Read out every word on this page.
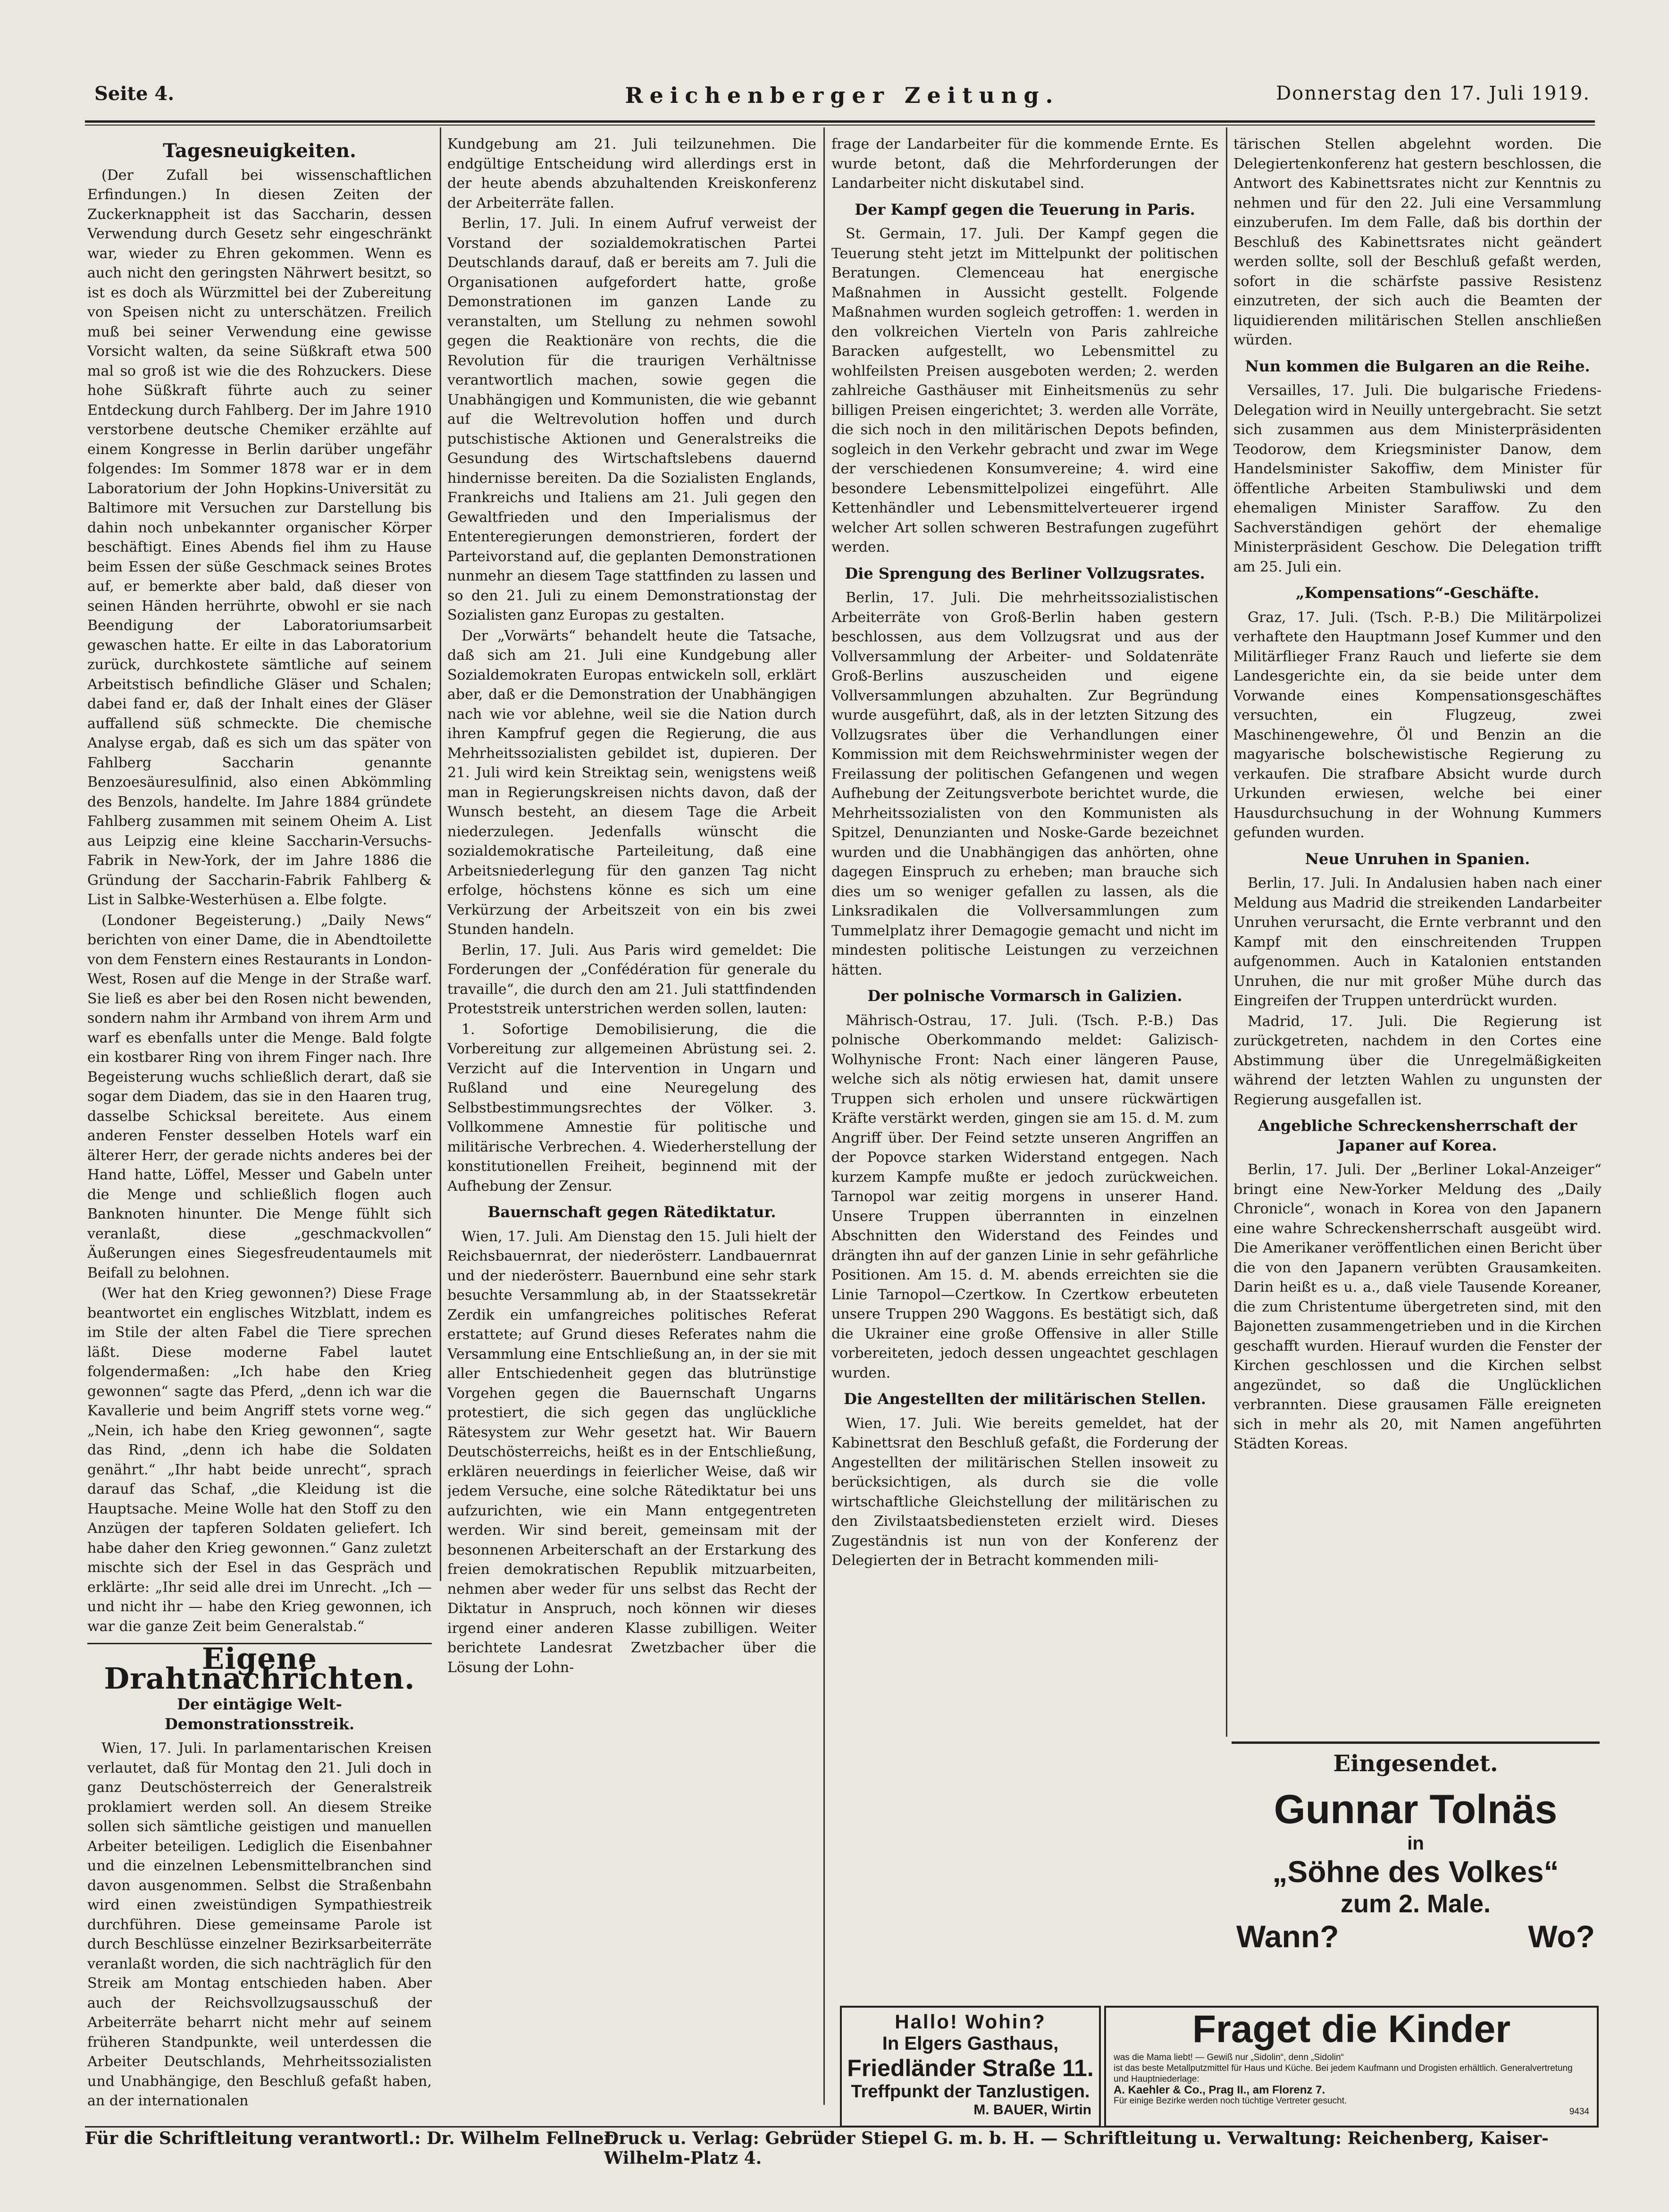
Seite 4.	Reichenberger Zeitung.	Donnerstag den 17. Juli 1919.
Tagesneuigkeiten.

(Der Zufall bei wissenschaftlichen Erfindungen.) In diesen Zeiten der Zuckerknappheit ist das Saccharin, dessen Verwendung durch Gesetz sehr eingeschränkt war, wieder zu Ehren gekommen. Wenn es auch nicht den geringsten Nährwert besitzt, so ist es doch als Würzmittel bei der Zubereitung von Speisen nicht zu unterschätzen. Freilich muß bei seiner Verwendung eine gewisse Vorsicht walten, da seine Süßkraft etwa 500 mal so groß ist wie die des Rohzuckers. Diese hohe Süßkraft führte auch zu seiner Entdeckung durch Fahlberg. Der im Jahre 1910 verstorbene deutsche Chemiker erzählte auf einem Kongresse in Berlin darüber ungefähr folgendes: Im Sommer 1878 war er in dem Laboratorium der John Hopkins-Universität zu Baltimore mit Versuchen zur Darstellung bis dahin noch unbekannter organischer Körper beschäftigt. Eines Abends fiel ihm zu Hause beim Essen der süße Geschmack seines Brotes auf, er bemerkte aber bald, daß dieser von seinen Händen herrührte, obwohl er sie nach Beendigung der Laboratoriumsarbeit gewaschen hatte. Er eilte in das Laboratorium zurück, durchkostete sämtliche auf seinem Arbeitstisch befindliche Gläser und Schalen; dabei fand er, daß der Inhalt eines der Gläser auffallend süß schmeckte. Die chemische Analyse ergab, daß es sich um das später von Fahlberg Saccharin genannte Benzoesäuresulfinid, also einen Abkömmling des Benzols, handelte. Im Jahre 1884 gründete Fahlberg zusammen mit seinem Oheim A. List aus Leipzig eine kleine Saccharin-Versuchs-Fabrik in New-York, der im Jahre 1886 die Gründung der Saccharin-Fabrik Fahlberg & List in Salbke-Westerhüsen a. Elbe folgte.

(Londoner Begeisterung.) „Daily News“ berichten von einer Dame, die in Abendtoilette von dem Fenstern eines Restaurants in London-West, Rosen auf die Menge in der Straße warf. Sie ließ es aber bei den Rosen nicht bewenden, sondern nahm ihr Armband von ihrem Arm und warf es ebenfalls unter die Menge. Bald folgte ein kostbarer Ring von ihrem Finger nach. Ihre Begeisterung wuchs schließlich derart, daß sie sogar dem Diadem, das sie in den Haaren trug, dasselbe Schicksal bereitete. Aus einem anderen Fenster desselben Hotels warf ein älterer Herr, der gerade nichts anderes bei der Hand hatte, Löffel, Messer und Gabeln unter die Menge und schließlich flogen auch Banknoten hinunter. Die Menge fühlt sich veranlaßt, diese „geschmackvollen“ Äußerungen eines Siegesfreudentaumels mit Beifall zu belohnen.

(Wer hat den Krieg gewonnen?) Diese Frage beantwortet ein englisches Witzblatt, indem es im Stile der alten Fabel die Tiere sprechen läßt. Diese moderne Fabel lautet folgendermaßen: „Ich habe den Krieg gewonnen“ sagte das Pferd, „denn ich war die Kavallerie und beim Angriff stets vorne weg.“ „Nein, ich habe den Krieg gewonnen“, sagte das Rind, „denn ich habe die Soldaten genährt.“ „Ihr habt beide unrecht“, sprach darauf das Schaf, „die Kleidung ist die Hauptsache. Meine Wolle hat den Stoff zu den Anzügen der tapferen Soldaten geliefert. Ich habe daher den Krieg gewonnen.“ Ganz zuletzt mischte sich der Esel in das Gespräch und erklärte: „Ihr seid alle drei im Unrecht. „Ich — und nicht ihr — habe den Krieg gewonnen, ich war die ganze Zeit beim Generalstab.“

Eigene Drahtnachrichten.
Der eintägige Welt-Demonstrationsstreik.

Wien, 17. Juli. In parlamentarischen Kreisen verlautet, daß für Montag den 21. Juli doch in ganz Deutschösterreich der Generalstreik proklamiert werden soll. An diesem Streike sollen sich sämtliche geistigen und manuellen Arbeiter beteiligen. Lediglich die Eisenbahner und die einzelnen Lebensmittelbranchen sind davon ausgenommen. Selbst die Straßenbahn wird einen zweistündigen Sympathiestreik durchführen. Diese gemeinsame Parole ist durch Beschlüsse einzelner Bezirksarbeiterräte veranlaßt worden, die sich nachträglich für den Streik am Montag entschieden haben. Aber auch der Reichsvollzugsausschuß der Arbeiterräte beharrt nicht mehr auf seinem früheren Standpunkte, weil unterdessen die Arbeiter Deutschlands, Mehrheitssozialisten und Unabhängige, den Beschluß gefaßt haben, an der internationalen

Kundgebung am 21. Juli teilzunehmen. Die endgültige Entscheidung wird allerdings erst in der heute abends abzuhaltenden Kreiskonferenz der Arbeiterräte fallen.

Berlin, 17. Juli. In einem Aufruf verweist der Vorstand der sozialdemokratischen Partei Deutschlands darauf, daß er bereits am 7. Juli die Organisationen aufgefordert hatte, große Demonstrationen im ganzen Lande zu veranstalten, um Stellung zu nehmen sowohl gegen die Reaktionäre von rechts, die die Revolution für die traurigen Verhältnisse verantwortlich machen, sowie gegen die Unabhängigen und Kommunisten, die wie gebannt auf die Weltrevolution hoffen und durch putschistische Aktionen und Generalstreiks die Gesundung des Wirtschaftslebens dauernd hindernisse bereiten. Da die Sozialisten Englands, Frankreichs und Italiens am 21. Juli gegen den Gewaltfrieden und den Imperialismus der Ententeregierungen demonstrieren, fordert der Parteivorstand auf, die geplanten Demonstrationen nunmehr an diesem Tage stattfinden zu lassen und so den 21. Juli zu einem Demonstrationstag der Sozialisten ganz Europas zu gestalten.

Der „Vorwärts“ behandelt heute die Tatsache, daß sich am 21. Juli eine Kundgebung aller Sozialdemokraten Europas entwickeln soll, erklärt aber, daß er die Demonstration der Unabhängigen nach wie vor ablehne, weil sie die Nation durch ihren Kampfruf gegen die Regierung, die aus Mehrheitssozialisten gebildet ist, dupieren. Der 21. Juli wird kein Streiktag sein, wenigstens weiß man in Regierungskreisen nichts davon, daß der Wunsch besteht, an diesem Tage die Arbeit niederzulegen. Jedenfalls wünscht die sozialdemokratische Parteileitung, daß eine Arbeitsniederlegung für den ganzen Tag nicht erfolge, höchstens könne es sich um eine Verkürzung der Arbeitszeit von ein bis zwei Stunden handeln.

Berlin, 17. Juli. Aus Paris wird gemeldet: Die Forderungen der „Confédération für generale du travaille“, die durch den am 21. Juli stattfindenden Proteststreik unterstrichen werden sollen, lauten:

1. Sofortige Demobilisierung, die die Vorbereitung zur allgemeinen Abrüstung sei. 2. Verzicht auf die Intervention in Ungarn und Rußland und eine Neuregelung des Selbstbestimmungsrechtes der Völker. 3. Vollkommene Amnestie für politische und militärische Verbrechen. 4. Wiederherstellung der konstitutionellen Freiheit, beginnend mit der Aufhebung der Zensur.

Bauernschaft gegen Rätediktatur.

Wien, 17. Juli. Am Dienstag den 15. Juli hielt der Reichsbauernrat, der niederösterr. Landbauernrat und der niederösterr. Bauernbund eine sehr stark besuchte Versammlung ab, in der Staatssekretär Zerdik ein umfangreiches politisches Referat erstattete; auf Grund dieses Referates nahm die Versammlung eine Entschließung an, in der sie mit aller Entschiedenheit gegen das blutrünstige Vorgehen gegen die Bauernschaft Ungarns protestiert, die sich gegen das unglückliche Rätesystem zur Wehr gesetzt hat. Wir Bauern Deutschösterreichs, heißt es in der Entschließung, erklären neuerdings in feierlicher Weise, daß wir jedem Versuche, eine solche Rätediktatur bei uns aufzurichten, wie ein Mann entgegentreten werden. Wir sind bereit, gemeinsam mit der besonnenen Arbeiterschaft an der Erstarkung des freien demokratischen Republik mitzuarbeiten, nehmen aber weder für uns selbst das Recht der Diktatur in Anspruch, noch können wir dieses irgend einer anderen Klasse zubilligen. Weiter berichtete Landesrat Zwetzbacher über die Lösung der Lohn-

frage der Landarbeiter für die kommende Ernte. Es wurde betont, daß die Mehrforderungen der Landarbeiter nicht diskutabel sind.

Der Kampf gegen die Teuerung in Paris.

St. Germain, 17. Juli. Der Kampf gegen die Teuerung steht jetzt im Mittelpunkt der politischen Beratungen. Clemenceau hat energische Maßnahmen in Aussicht gestellt. Folgende Maßnahmen wurden sogleich getroffen: 1. werden in den volkreichen Vierteln von Paris zahlreiche Baracken aufgestellt, wo Lebensmittel zu wohlfeilsten Preisen ausgeboten werden; 2. werden zahlreiche Gasthäuser mit Einheitsmenüs zu sehr billigen Preisen eingerichtet; 3. werden alle Vorräte, die sich noch in den militärischen Depots befinden, sogleich in den Verkehr gebracht und zwar im Wege der verschiedenen Konsumvereine; 4. wird eine besondere Lebensmittelpolizei eingeführt. Alle Kettenhändler und Lebensmittelverteuerer irgend welcher Art sollen schweren Bestrafungen zugeführt werden.

Die Sprengung des Berliner Vollzugsrates.

Berlin, 17. Juli. Die mehrheitssozialistischen Arbeiterräte von Groß-Berlin haben gestern beschlossen, aus dem Vollzugsrat und aus der Vollversammlung der Arbeiter- und Soldatenräte Groß-Berlins auszuscheiden und eigene Vollversammlungen abzuhalten. Zur Begründung wurde ausgeführt, daß, als in der letzten Sitzung des Vollzugsrates über die Verhandlungen einer Kommission mit dem Reichswehrminister wegen der Freilassung der politischen Gefangenen und wegen Aufhebung der Zeitungsverbote berichtet wurde, die Mehrheitssozialisten von den Kommunisten als Spitzel, Denunzianten und Noske-Garde bezeichnet wurden und die Unabhängigen das anhörten, ohne dagegen Einspruch zu erheben; man brauche sich dies um so weniger gefallen zu lassen, als die Linksradikalen die Vollversammlungen zum Tummelplatz ihrer Demagogie gemacht und nicht im mindesten politische Leistungen zu verzeichnen hätten.

Der polnische Vormarsch in Galizien.

Mährisch-Ostrau, 17. Juli. (Tsch. P.-B.) Das polnische Oberkommando meldet: Galizisch-Wolhynische Front: Nach einer längeren Pause, welche sich als nötig erwiesen hat, damit unsere Truppen sich erholen und unsere rückwärtigen Kräfte verstärkt werden, gingen sie am 15. d. M. zum Angriff über. Der Feind setzte unseren Angriffen an der Popovce starken Widerstand entgegen. Nach kurzem Kampfe mußte er jedoch zurückweichen. Tarnopol war zeitig morgens in unserer Hand. Unsere Truppen überrannten in einzelnen Abschnitten den Widerstand des Feindes und drängten ihn auf der ganzen Linie in sehr gefährliche Positionen. Am 15. d. M. abends erreichten sie die Linie Tarnopol—Czertkow. In Czertkow erbeuteten unsere Truppen 290 Waggons. Es bestätigt sich, daß die Ukrainer eine große Offensive in aller Stille vorbereiteten, jedoch dessen ungeachtet geschlagen wurden.

Die Angestellten der militärischen Stellen.

Wien, 17. Juli. Wie bereits gemeldet, hat der Kabinettsrat den Beschluß gefaßt, die Forderung der Angestellten der militärischen Stellen insoweit zu berücksichtigen, als durch sie die volle wirtschaftliche Gleichstellung der militärischen zu den Zivilstaatsbediensteten erzielt wird. Dieses Zugeständnis ist nun von der Konferenz der Delegierten der in Betracht kommenden mili-

tärischen Stellen abgelehnt worden. Die Delegiertenkonferenz hat gestern beschlossen, die Antwort des Kabinettsrates nicht zur Kenntnis zu nehmen und für den 22. Juli eine Versammlung einzuberufen. Im dem Falle, daß bis dorthin der Beschluß des Kabinettsrates nicht geändert werden sollte, soll der Beschluß gefaßt werden, sofort in die schärfste passive Resistenz einzutreten, der sich auch die Beamten der liquidierenden militärischen Stellen anschließen würden.

Nun kommen die Bulgaren an die Reihe.

Versailles, 17. Juli. Die bulgarische Friedens-Delegation wird in Neuilly untergebracht. Sie setzt sich zusammen aus dem Ministerpräsidenten Teodorow, dem Kriegsminister Danow, dem Handelsminister Sakoffiw, dem Minister für öffentliche Arbeiten Stambuliwski und dem ehemaligen Minister Saraffow. Zu den Sachverständigen gehört der ehemalige Ministerpräsident Geschow. Die Delegation trifft am 25. Juli ein.

„Kompensations“-Geschäfte.

Graz, 17. Juli. (Tsch. P.-B.) Die Militärpolizei verhaftete den Hauptmann Josef Kummer und den Militärflieger Franz Rauch und lieferte sie dem Landesgerichte ein, da sie beide unter dem Vorwande eines Kompensationsgeschäftes versuchten, ein Flugzeug, zwei Maschinengewehre, Öl und Benzin an die magyarische bolschewistische Regierung zu verkaufen. Die strafbare Absicht wurde durch Urkunden erwiesen, welche bei einer Hausdurchsuchung in der Wohnung Kummers gefunden wurden.

Neue Unruhen in Spanien.

Berlin, 17. Juli. In Andalusien haben nach einer Meldung aus Madrid die streikenden Landarbeiter Unruhen verursacht, die Ernte verbrannt und den Kampf mit den einschreitenden Truppen aufgenommen. Auch in Katalonien entstanden Unruhen, die nur mit großer Mühe durch das Eingreifen der Truppen unterdrückt wurden.

Madrid, 17. Juli. Die Regierung ist zurückgetreten, nachdem in den Cortes eine Abstimmung über die Unregelmäßigkeiten während der letzten Wahlen zu ungunsten der Regierung ausgefallen ist.

Angebliche Schreckensherrschaft der Japaner auf Korea.

Berlin, 17. Juli. Der „Berliner Lokal-Anzeiger“ bringt eine New-Yorker Meldung des „Daily Chronicle“, wonach in Korea von den Japanern eine wahre Schreckensherrschaft ausgeübt wird. Die Amerikaner veröffentlichen einen Bericht über die von den Japanern verübten Grausamkeiten. Darin heißt es u. a., daß viele Tausende Koreaner, die zum Christentume übergetreten sind, mit den Bajonetten zusammengetrieben und in die Kirchen geschafft wurden. Hierauf wurden die Fenster der Kirchen geschlossen und die Kirchen selbst angezündet, so daß die Unglücklichen verbrannten. Diese grausamen Fälle ereigneten sich in mehr als 20, mit Namen angeführten Städten Koreas.

Eingesendet.
Gunnar Tolnäs
in
„Söhne des Volkes“
zum 2. Male.
Wann?	Wo?
Hallo! Wohin?
In Elgers Gasthaus,
Friedländer Straße 11.
Treffpunkt der Tanzlustigen.
M. BAUER, Wirtin
Fraget die Kinder
was die Mama liebt! — Gewiß nur „Sidolin“, denn „Sidolin“
ist das beste Metallputzmittel für Haus und Küche. Bei jedem Kaufmann und Drogisten erhältlich. Generalvertretung und Hauptniederlage:
A. Kaehler & Co., Prag II., am Florenz 7.
Für einige Bezirke werden noch tüchtige Vertreter gesucht.
9434
Für die Schriftleitung verantwortl.: Dr. Wilhelm Fellner.
Druck u. Verlag: Gebrüder Stiepel G. m. b. H. — Schriftleitung u. Verwaltung: Reichenberg, Kaiser-Wilhelm-Platz 4.
